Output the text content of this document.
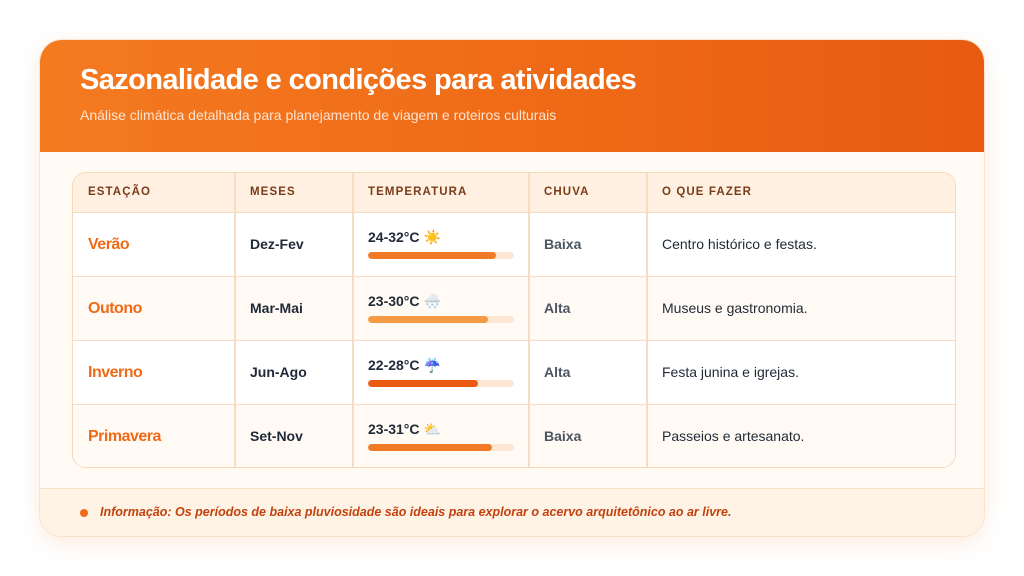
Sazonalidade e condições para atividades
Análise climática detalhada para planejamento de viagem e roteiros culturais
ESTAÇÃO	MESES	TEMPERATURA	CHUVA	O QUE FAZER
Verão	Dez-Fev	24-32°C ☀️	Baixa	Centro histórico e festas.
Outono	Mar-Mai	23-30°C 🌨️	Alta	Museus e gastronomia.
Inverno	Jun-Ago	22-28°C ☔	Alta	Festa junina e igrejas.
Primavera	Set-Nov	23-31°C ⛅	Baixa	Passeios e artesanato.
Informação: Os períodos de baixa pluviosidade são ideais para explorar o acervo arquitetônico ao ar livre.
